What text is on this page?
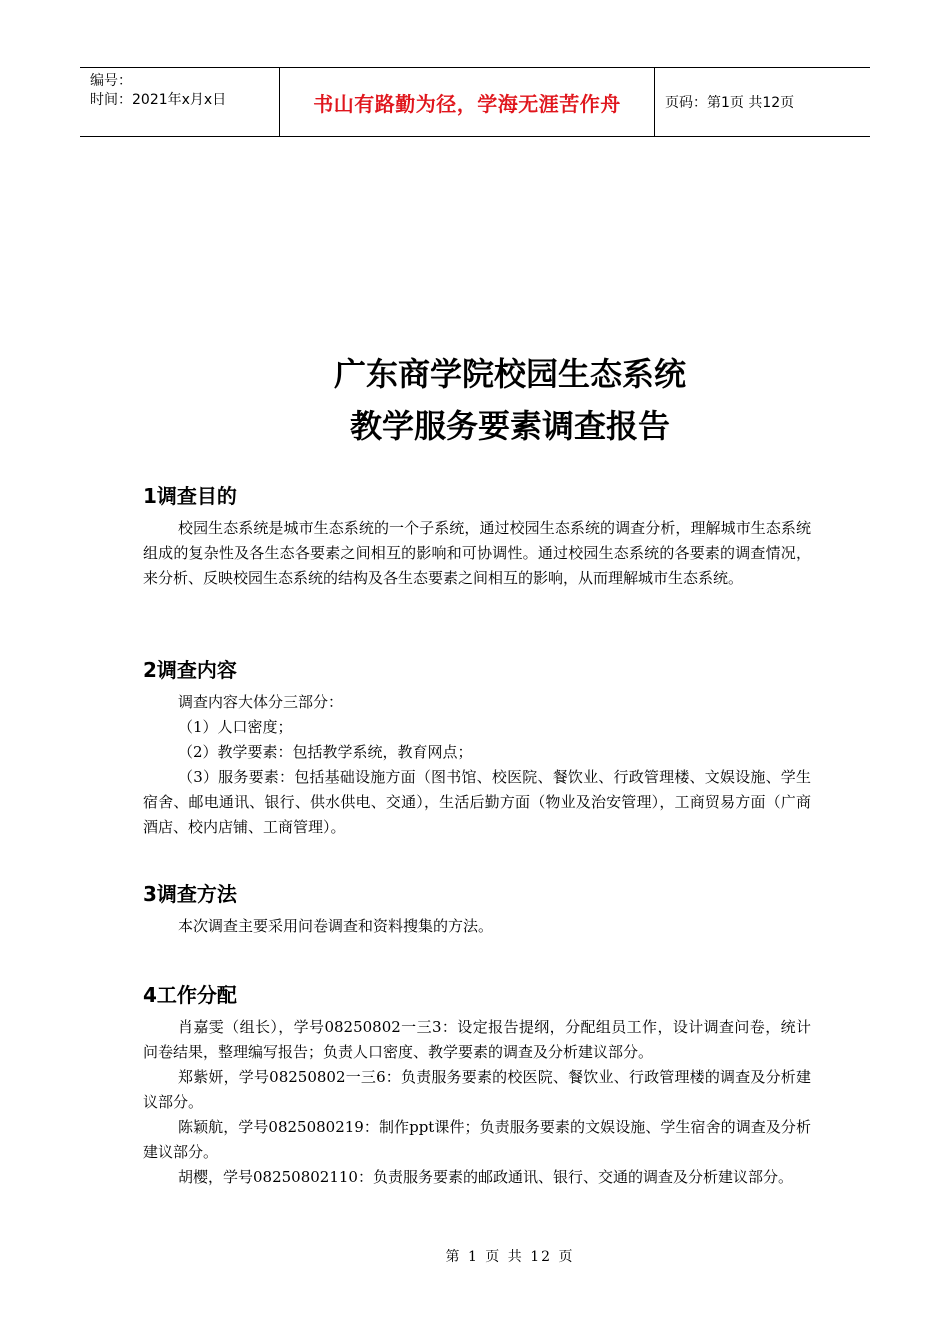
编号：
时间：2021年x月x日	书山有路勤为径，学海无涯苦作舟	页码：第1页 共12页
广东商学院校园生态系统
教学服务要素调查报告
1调查目的

校园生态系统是城市生态系统的一个子系统，通过校园生态系统的调查分析，理解城市生态系统组成的复杂性及各生态各要素之间相互的影响和可协调性。通过校园生态系统的各要素的调查情况，来分析、反映校园生态系统的结构及各生态要素之间相互的影响，从而理解城市生态系统。

2调查内容

调查内容大体分三部分：

（1）人口密度；

（2）教学要素：包括教学系统，教育网点；

（3）服务要素：包括基础设施方面（图书馆、校医院、餐饮业、行政管理楼、文娱设施、学生宿舍、邮电通讯、银行、供水供电、交通），生活后勤方面（物业及治安管理），工商贸易方面（广商酒店、校内店铺、工商管理）。

3调查方法

本次调查主要采用问卷调查和资料搜集的方法。

4工作分配

肖嘉雯（组长），学号08250802一三3：设定报告提纲，分配组员工作，设计调查问卷，统计问卷结果，整理编写报告；负责人口密度、教学要素的调查及分析建议部分。

郑紫妍，学号08250802一三6：负责服务要素的校医院、餐饮业、行政管理楼的调查及分析建议部分。

陈颖航，学号0825080219：制作ppt课件；负责服务要素的文娱设施、学生宿舍的调查及分析建议部分。

胡樱，学号08250802110：负责服务要素的邮政通讯、银行、交通的调查及分析建议部分。

第 1 页 共 12 页
